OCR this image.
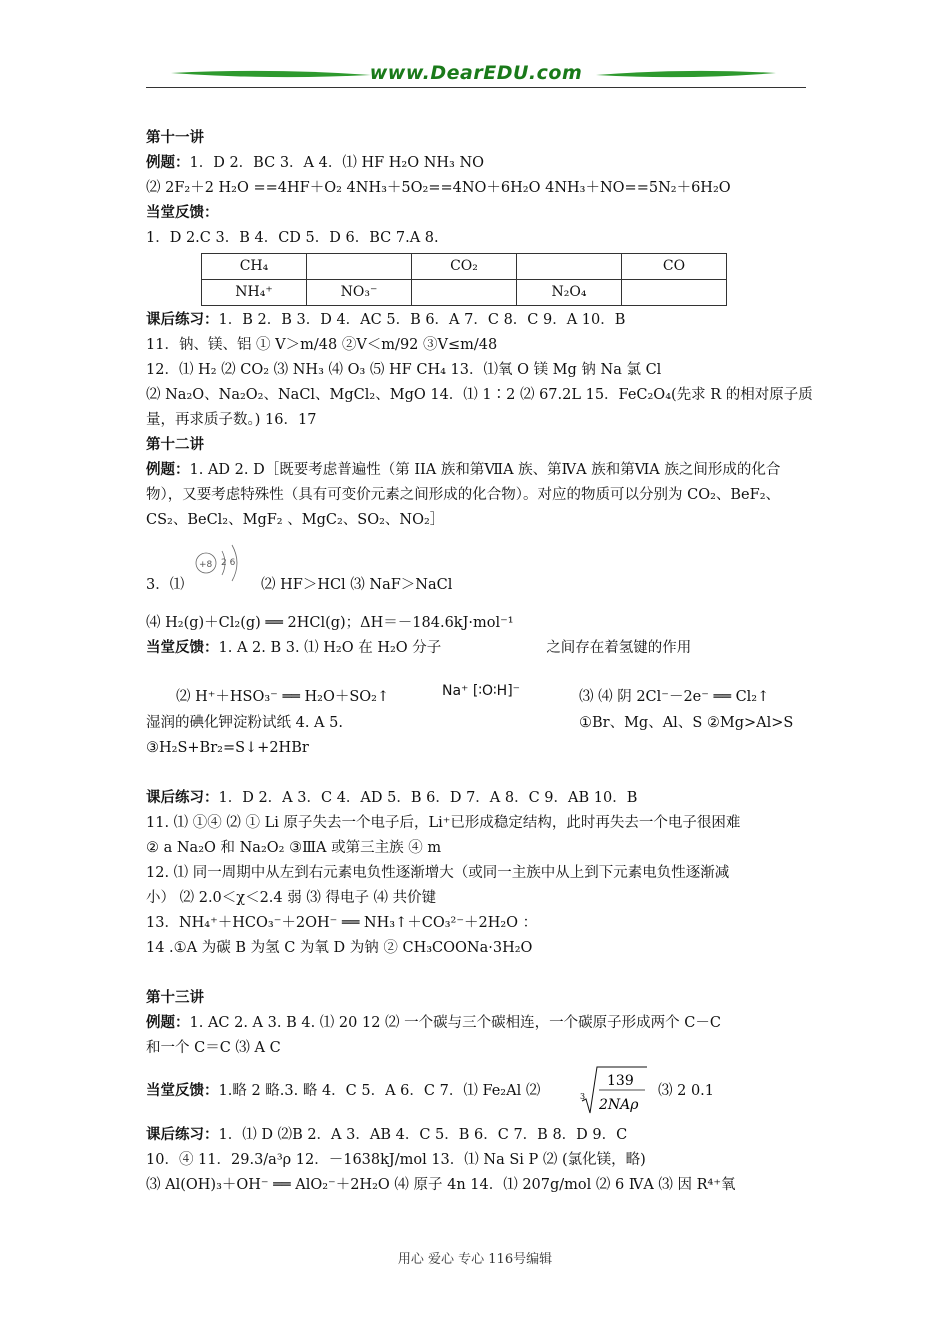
www.DearEDU.com
第十一讲
例题：1．D 2．BC 3．A 4．⑴ HF H₂O NH₃ NO
⑵ 2F₂＋2 H₂O ==4HF＋O₂ 4NH₃＋5O₂==4NO＋6H₂O 4NH₃＋NO==5N₂＋6H₂O
当堂反馈：
1．D 2.C 3．B 4．CD 5．D 6．BC 7.A 8.
CH₄		CO₂		CO
NH₄⁺	NO₃⁻		N₂O₄	
课后练习：1．B 2．B 3．D 4．AC 5．B 6．A 7．C 8．C 9．A 10．B
11．钠、镁、铝 ① V＞m/48 ②V＜m/92 ③V≤m/48
12．⑴ H₂ ⑵ CO₂ ⑶ NH₃ ⑷ O₃ ⑸ HF CH₄ 13．⑴氧 O 镁 Mg 钠 Na 氯 Cl
⑵ Na₂O、Na₂O₂、NaCl、MgCl₂、MgO 14．⑴ 1∶2 ⑵ 67.2L 15．FeC₂O₄(先求 R 的相对原子质
量，再求质子数。) 16．17
第十二讲
例题：1. AD 2. D［既要考虑普遍性（第 IIA 族和第ⅦA 族、第ⅣA 族和第ⅥA 族之间形成的化合物），又要考虑特殊性（具有可变价元素之间形成的化合物）。对应的物质可以分别为 CO₂、BeF₂、CS₂、BeCl₂、MgF₂ 、MgC₂、SO₂、NO₂］
3．⑴
+8 2 6
⑵ HF＞HCl ⑶ NaF＞NaCl
⑷ H₂(g)＋Cl₂(g) ══ 2HCl(g)；ΔH＝－184.6kJ·mol⁻¹
当堂反馈：1. A 2. B 3. ⑴ H₂O 在 H₂O 分子	之间存在着氢键的作用
⑵ H⁺＋HSO₃⁻ ══ H₂O＋SO₂↑	Na⁺ [∶O∶H]⁻	⑶ ⑷ 阴 2Cl⁻－2e⁻ ══ Cl₂↑
湿润的碘化钾淀粉试纸 4. A 5.	①Br、Mg、Al、S ②Mg>Al>S
③H₂S+Br₂=S↓+2HBr
课后练习：1．D 2．A 3．C 4．AD 5．B 6．D 7．A 8．C 9．AB 10．B
11. ⑴ ①④ ⑵ ① Li 原子失去一个电子后，Li⁺已形成稳定结构，此时再失去一个电子很困难
② a Na₂O 和 Na₂O₂ ③ⅢA 或第三主族 ④ m
12. ⑴ 同一周期中从左到右元素电负性逐渐增大（或同一主族中从上到下元素电负性逐渐减
小） ⑵ 2.0＜χ＜2.4 弱 ⑶ 得电子 ⑷ 共价键
13．NH₄⁺＋HCO₃⁻＋2OH⁻ ══ NH₃↑＋CO₃²⁻＋2H₂O ：
14 .①A 为碳 B 为氢 C 为氧 D 为钠 ② CH₃COONa·3H₂O
第十三讲
例题：1. AC 2. A 3. B 4. ⑴ 20 12 ⑵ 一个碳与三个碳相连，一个碳原子形成两个 C－C
和一个 C＝C ⑶ A C
当堂反馈：1.略 2 略.3. 略 4．C 5．A 6．C 7．⑴ Fe₂Al ⑵	3
139
2NAρ
⑶ 2 0.1
课后练习：1．⑴ D ⑵B 2．A 3．AB 4．C 5．B 6．C 7．B 8．D 9．C
10．④ 11．29.3/a³ρ 12．－1638kJ/mol 13．⑴ Na Si P ⑵ (氯化镁，略)
⑶ Al(OH)₃＋OH⁻ ══ AlO₂⁻＋2H₂O ⑷ 原子 4n 14．⑴ 207g/mol ⑵ 6 ⅣA ⑶ 因 R⁴⁺氧
用心 爱心 专心 116号编辑
